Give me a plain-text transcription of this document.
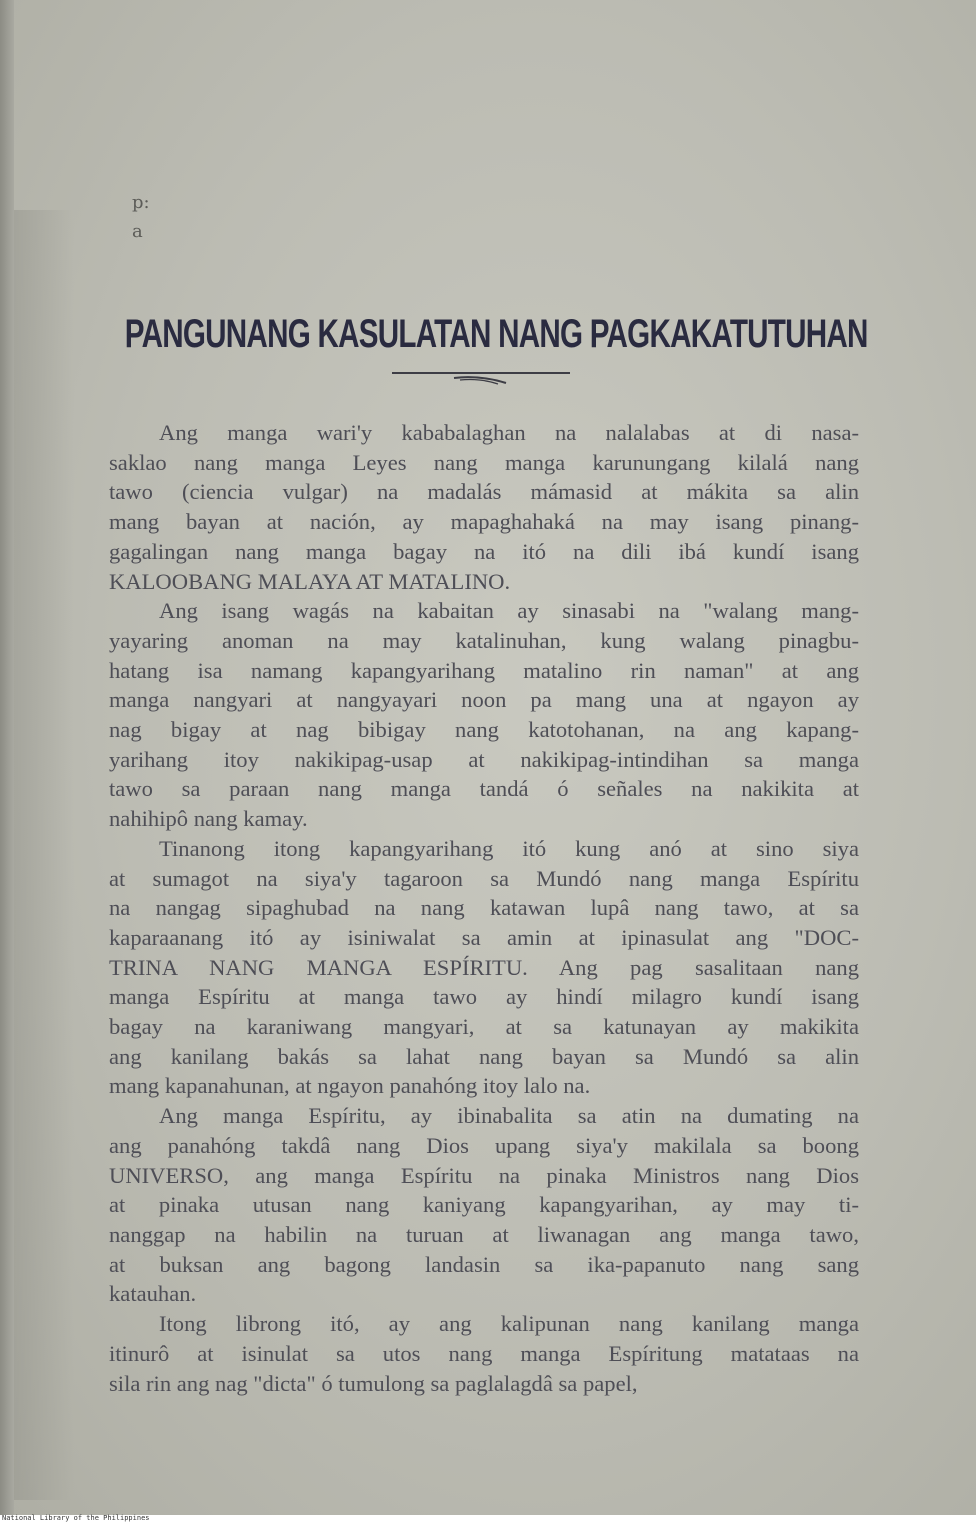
p:
a
PANGUNANG KASULATAN NANG PAGKAKATUTUHAN
Ang manga wari'y kababalaghan na nalalabas at di nasa-
saklao nang manga Leyes nang manga karunungang kilalá nang
tawo (ciencia vulgar) na madalás mámasid at mákita sa alin
mang bayan at nación, ay mapaghahaká na may isang pinang-
gagalingan nang manga bagay na itó na dili ibá kundí isang
KALOOBANG MALAYA AT MATALINO.
Ang isang wagás na kabaitan ay sinasabi na "walang mang-
yayaring anoman na may katalinuhan, kung walang pinagbu-
hatang isa namang kapangyarihang matalino rin naman" at ang
manga nangyari at nangyayari noon pa mang una at ngayon ay
nag bigay at nag bibigay nang katotohanan, na ang kapang-
yarihang itoy nakikipag-usap at nakikipag-intindihan sa manga
tawo sa paraan nang manga tandá ó señales na nakikita at
nahihipô nang kamay.
Tinanong itong kapangyarihang itó kung anó at sino siya
at sumagot na siya'y tagaroon sa Mundó nang manga Espíritu
na nangag sipaghubad na nang katawan lupâ nang tawo, at sa
kaparaanang itó ay isiniwalat sa amin at ipinasulat ang "DOC-
TRINA NANG MANGA ESPÍRITU. Ang pag sasalitaan nang
manga Espíritu at manga tawo ay hindí milagro kundí isang
bagay na karaniwang mangyari, at sa katunayan ay makikita
ang kanilang bakás sa lahat nang bayan sa Mundó sa alin
mang kapanahunan, at ngayon panahóng itoy lalo na.
Ang manga Espíritu, ay ibinabalita sa atin na dumating na
ang panahóng takdâ nang Dios upang siya'y makilala sa boong
UNIVERSO, ang manga Espíritu na pinaka Ministros nang Dios
at pinaka utusan nang kaniyang kapangyarihan, ay may ti-
nanggap na habilin na turuan at liwanagan ang manga tawo,
at buksan ang bagong landasin sa ika-papanuto nang sang
katauhan.
Itong librong itó, ay ang kalipunan nang kanilang manga
itinurô at isinulat sa utos nang manga Espíritung matataas na
sila rin ang nag "dicta" ó tumulong sa paglalagdâ sa papel,
National Library of the Philippines
